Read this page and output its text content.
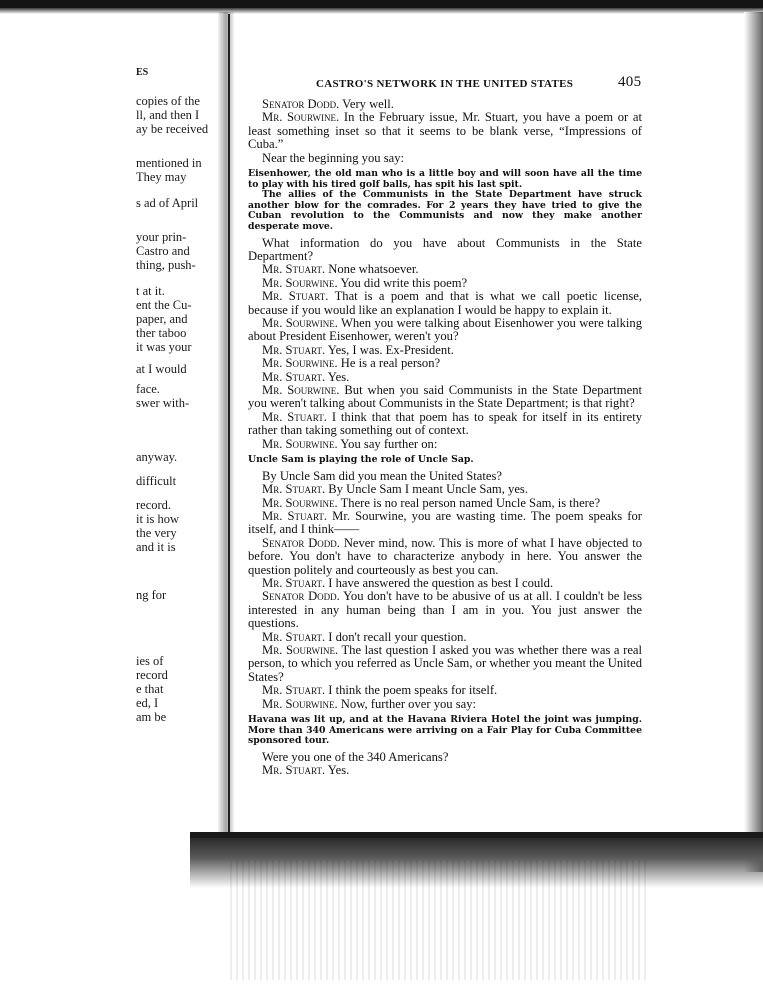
ES
copies of the
ll, and then I
ay be received
mentioned in
They may
s ad of April
your prin-
Castro and
thing, push-
t at it.
ent the Cu-
paper, and
ther taboo
it was your
at I would
face.
swer with-
anyway.
difficult
record.
it is how
the very
and it is
ng for
ies of
record
e that
ed, I
am be
CASTRO'S NETWORK IN THE UNITED STATES	405

Senator Dodd. Very well.

Mr. Sourwine. In the February issue, Mr. Stuart, you have a poem or at least something inset so that it seems to be blank verse, “Impressions of Cuba.”

Near the beginning you say:

Eisenhower, the old man who is a little boy and will soon have all the time to play with his tired golf balls, has spit his last spit.

The allies of the Communists in the State Department have struck another blow for the comrades. For 2 years they have tried to give the Cuban revolution to the Communists and now they make another desperate move.

What information do you have about Communists in the State Department?

Mr. Stuart. None whatsoever.

Mr. Sourwine. You did write this poem?

Mr. Stuart. That is a poem and that is what we call poetic license, because if you would like an explanation I would be happy to explain it.

Mr. Sourwine. When you were talking about Eisenhower you were talking about President Eisenhower, weren't you?

Mr. Stuart. Yes, I was. Ex-President.

Mr. Sourwine. He is a real person?

Mr. Stuart. Yes.

Mr. Sourwine. But when you said Communists in the State Department you weren't talking about Communists in the State Department; is that right?

Mr. Stuart. I think that that poem has to speak for itself in its entirety rather than taking something out of context.

Mr. Sourwine. You say further on:

Uncle Sam is playing the role of Uncle Sap.

By Uncle Sam did you mean the United States?

Mr. Stuart. By Uncle Sam I meant Uncle Sam, yes.

Mr. Sourwine. There is no real person named Uncle Sam, is there?

Mr. Stuart. Mr. Sourwine, you are wasting time. The poem speaks for itself, and I think——

Senator Dodd. Never mind, now. This is more of what I have objected to before. You don't have to characterize anybody in here. You answer the question politely and courteously as best you can.

Mr. Stuart. I have answered the question as best I could.

Senator Dodd. You don't have to be abusive of us at all. I couldn't be less interested in any human being than I am in you. You just answer the questions.

Mr. Stuart. I don't recall your question.

Mr. Sourwine. The last question I asked you was whether there was a real person, to which you referred as Uncle Sam, or whether you meant the United States?

Mr. Stuart. I think the poem speaks for itself.

Mr. Sourwine. Now, further over you say:

Havana was lit up, and at the Havana Riviera Hotel the joint was jumping. More than 340 Americans were arriving on a Fair Play for Cuba Committee sponsored tour.

Were you one of the 340 Americans?

Mr. Stuart. Yes.
